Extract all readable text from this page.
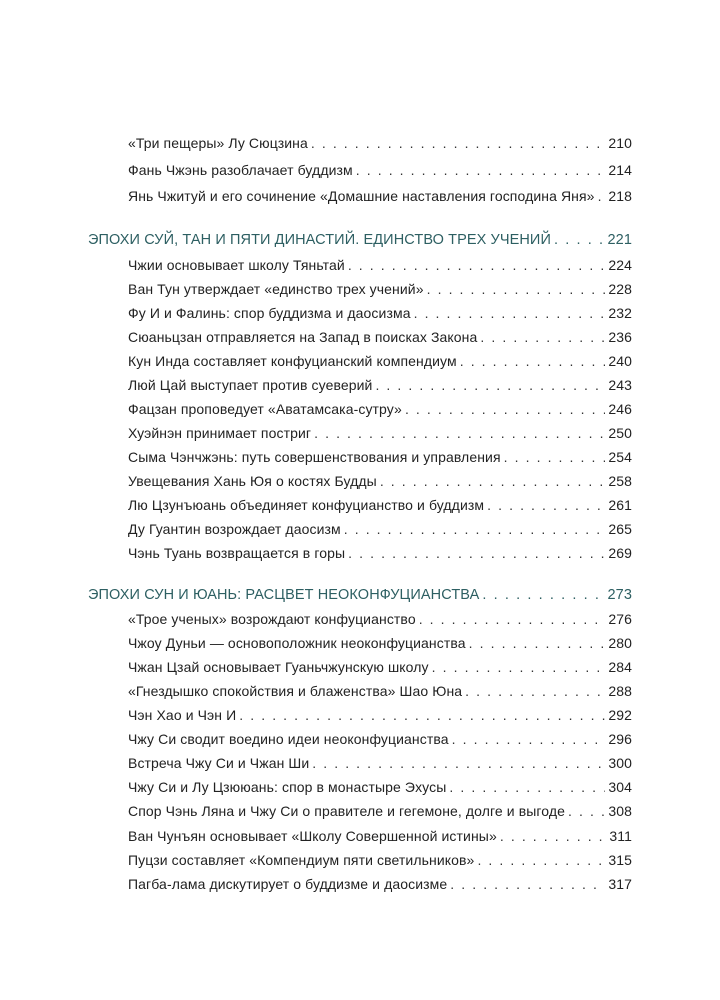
«Три пещеры» Лу Сюцзина . . .	210
Фань Чжэнь разоблачает буддизм . . .	214
Янь Чжитуй и его сочинение «Домашние наставления господина Яня» . . . 218
ЭПОХИ СУЙ, ТАН И ПЯТИ ДИНАСТИЙ. ЕДИНСТВО ТРЕХ УЧЕНИЙ . . .	221
Чжии основывает школу Тяньтай . . .	224
Ван Тун утверждает «единство трех учений» . . .	228
Фу И и Фалинь: спор буддизма и даосизма . . .	232
Сюаньцзан отправляется на Запад в поисках Закона . . .	236
Кун Инда составляет конфуцианский компендиум . . .	240
Люй Цай выступает против суеверий . . .	243
Фацзан проповедует «Аватамсака-сутру» . . .	246
Хуэйнэн принимает постриг . . .	250
Сыма Чэнчжэнь: путь совершенствования и управления . . .	254
Увещевания Хань Юя о костях Будды . . .	258
Лю Цзунъюань объединяет конфуцианство и буддизм . . .	261
Ду Гуантин возрождает даосизм . . .	265
Чэнь Туань возвращается в горы . . .	269
ЭПОХИ СУН И ЮАНЬ: РАСЦВЕТ НЕОКОНФУЦИАНСТВА . . .	273
«Трое ученых» возрождают конфуцианство . . .	276
Чжоу Дуньи — основоположник неоконфуцианства . . .	280
Чжан Цзай основывает Гуаньчжунскую школу . . .	284
«Гнездышко спокойствия и блаженства» Шао Юна . . .	288
Чэн Хао и Чэн И . . .	292
Чжу Си сводит воедино идеи неоконфуцианства . . .	296
Встреча Чжу Си и Чжан Ши . . .	300
Чжу Си и Лу Цзююань: спор в монастыре Эхусы . . .	304
Спор Чэнь Ляна и Чжу Си о правителе и гегемоне, долге и выгоде . . .	308
Ван Чунъян основывает «Школу Совершенной истины» . . .	311
Пуцзи составляет «Компендиум пяти светильников» . . .	315
Пагба-лама дискутирует о буддизме и даосизме . . .	317
